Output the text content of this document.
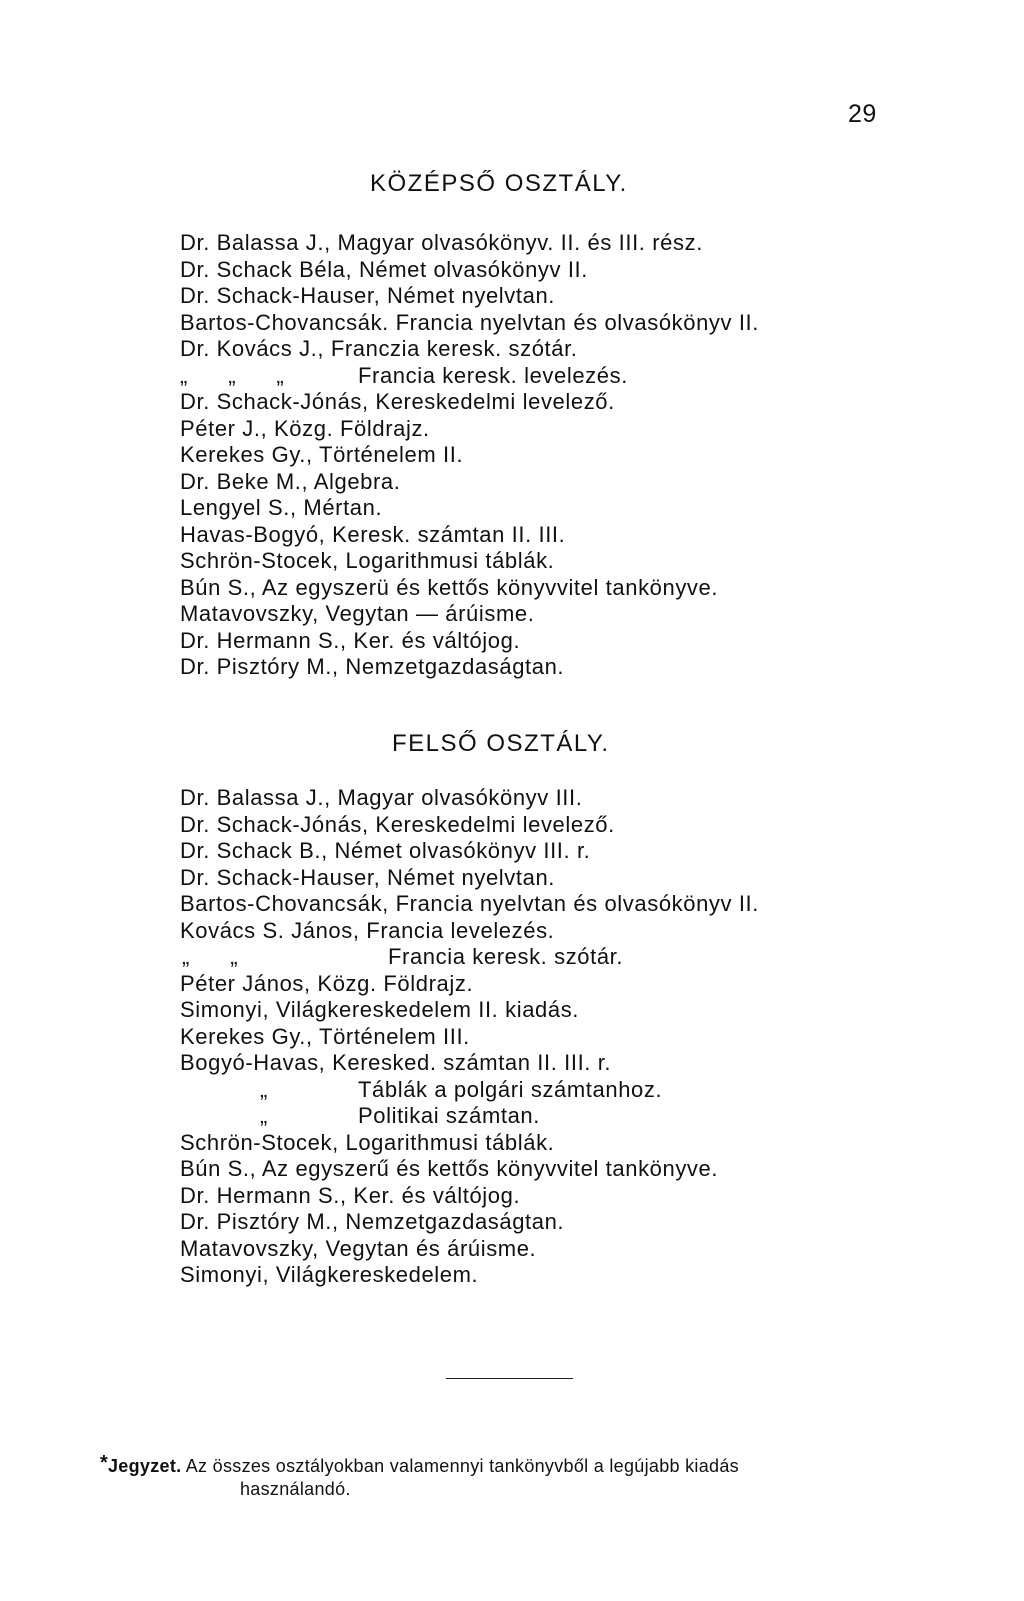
29
KÖZÉPSŐ OSZTÁLY.
Dr. Balassa J., Magyar olvasókönyv. II. és III. rész.
Dr. Schack Béla, Német olvasókönyv II.
Dr. Schack-Hauser, Német nyelvtan.
Bartos-Chovancsák. Francia nyelvtan és olvasókönyv II.
Dr. Kovács J., Franczia keresk. szótár.
„      „      „	Francia keresk. levelezés.
Dr. Schack-Jónás, Kereskedelmi levelező.
Péter J., Közg. Földrajz.
Kerekes Gy., Történelem II.
Dr. Beke M., Algebra.
Lengyel S., Mértan.
Havas-Bogyó, Keresk. számtan II. III.
Schrön-Stocek, Logarithmusi táblák.
Bún S., Az egyszerü és kettős könyvvitel tankönyve.
Matavovszky, Vegytan — árúisme.
Dr. Hermann S., Ker. és váltójog.
Dr. Pisztóry M., Nemzetgazdaságtan.
FELSŐ OSZTÁLY.
Dr. Balassa J., Magyar olvasókönyv III.
Dr. Schack-Jónás, Kereskedelmi levelező.
Dr. Schack B., Német olvasókönyv III. r.
Dr. Schack-Hauser, Német nyelvtan.
Bartos-Chovancsák, Francia nyelvtan és olvasókönyv II.
Kovács S. János, Francia levelezés.
„      „	Francia keresk. szótár.
Péter János, Közg. Földrajz.
Simonyi, Világkereskedelem II. kiadás.
Kerekes Gy., Történelem III.
Bogyó-Havas, Keresked. számtan II. III. r.
„	Táblák a polgári számtanhoz.
„	Politikai számtan.
Schrön-Stocek, Logarithmusi táblák.
Bún S., Az egyszerű és kettős könyvvitel tankönyve.
Dr. Hermann S., Ker. és váltójog.
Dr. Pisztóry M., Nemzetgazdaságtan.
Matavovszky, Vegytan és árúisme.
Simonyi, Világkereskedelem.
* Jegyzet. Az összes osztályokban valamennyi tankönyvből a legújabb kiadás
használandó.
